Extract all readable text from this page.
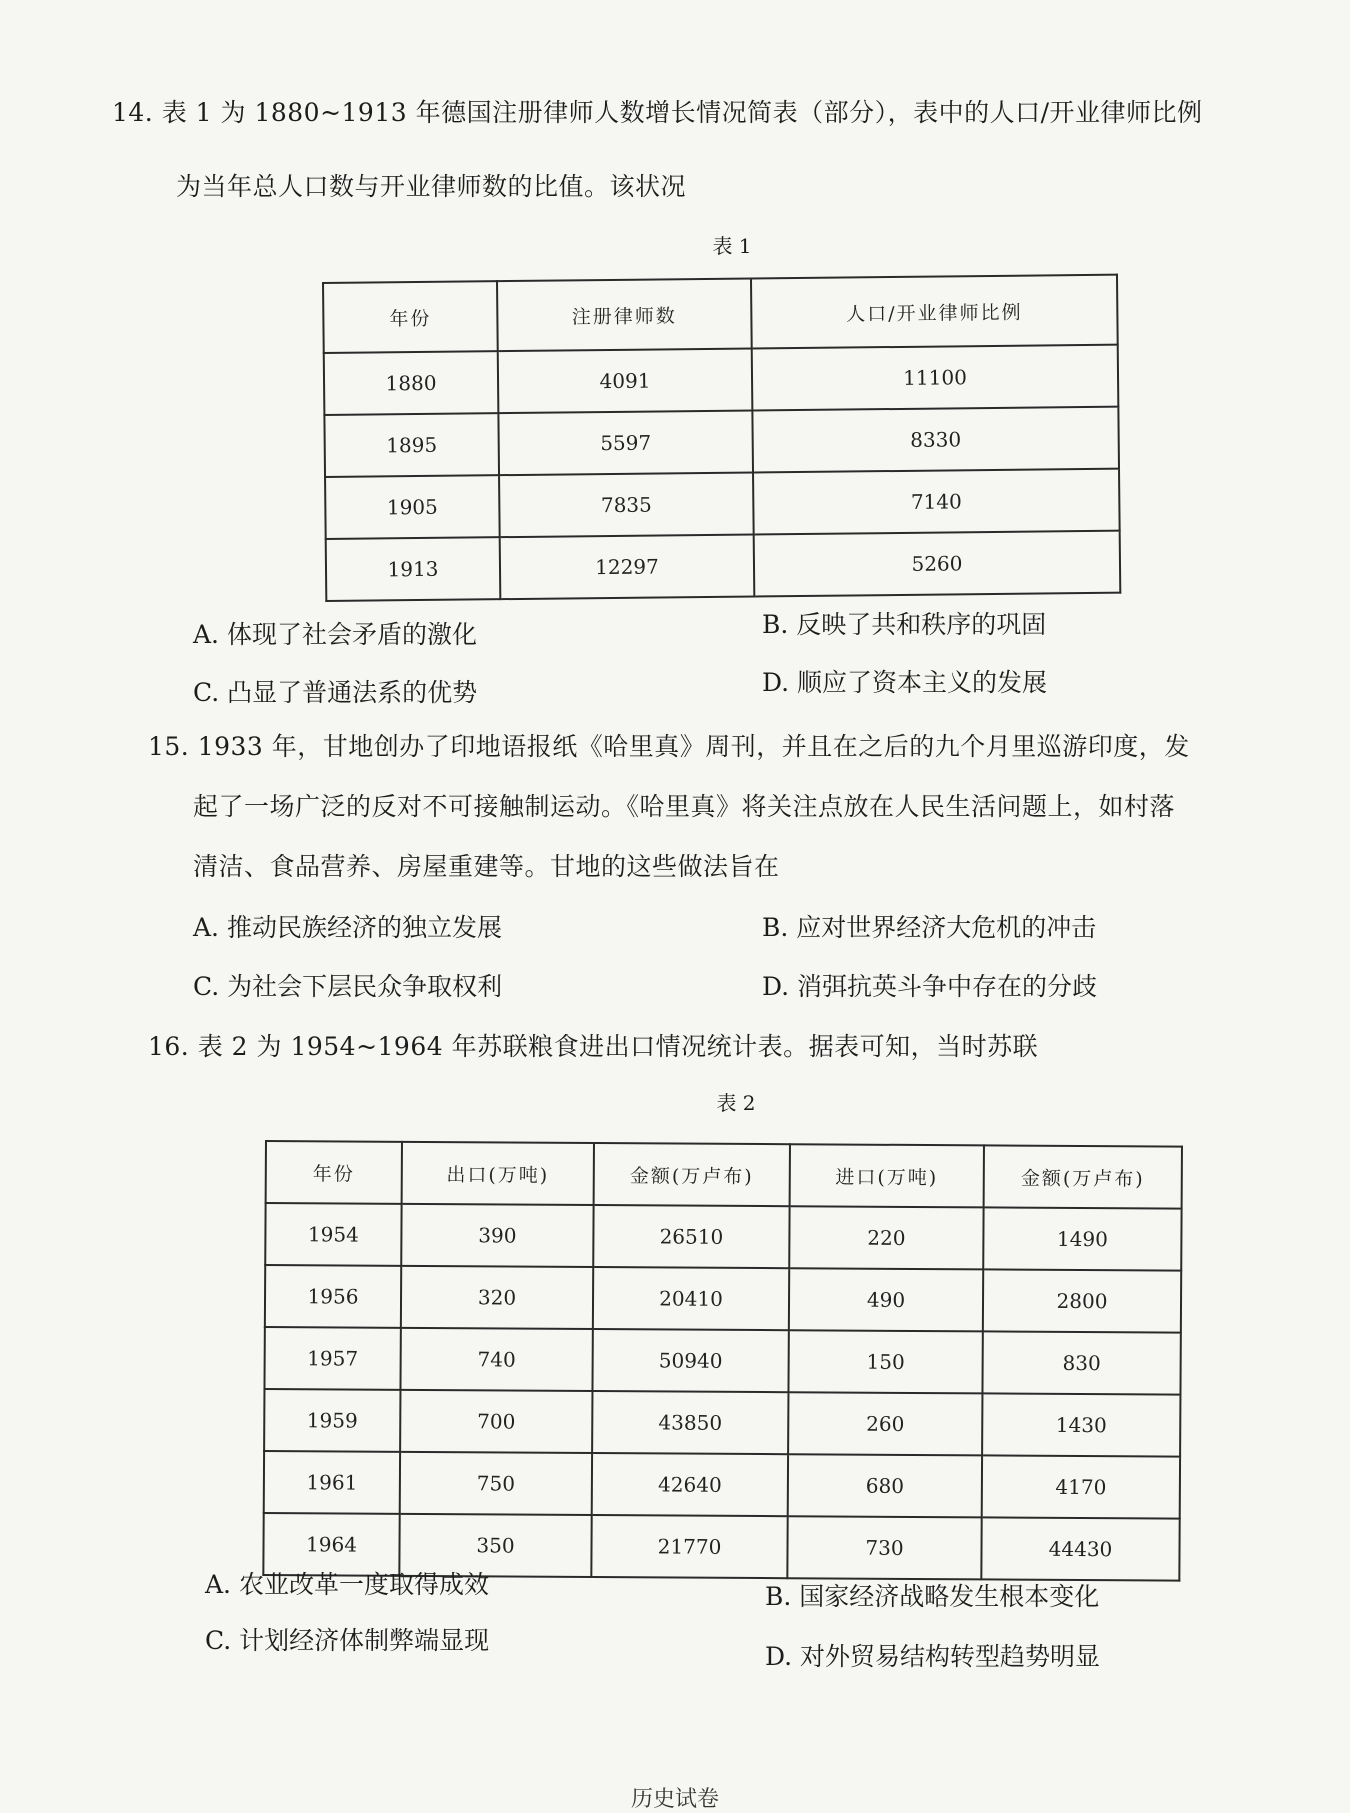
14. 表 1 为 1880~1913 年德国注册律师人数增长情况简表（部分），表中的人口/开业律师比例
为当年总人口数与开业律师数的比值。该状况
表 1
年份	注册律师数	人口/开业律师比例
1880	4091	11100
1895	5597	8330
1905	7835	7140
1913	12297	5260
A. 体现了社会矛盾的激化	B. 反映了共和秩序的巩固
C. 凸显了普通法系的优势	D. 顺应了资本主义的发展
15. 1933 年，甘地创办了印地语报纸《哈里真》周刊，并且在之后的九个月里巡游印度，发
起了一场广泛的反对不可接触制运动。《哈里真》将关注点放在人民生活问题上，如村落
清洁、食品营养、房屋重建等。甘地的这些做法旨在
A. 推动民族经济的独立发展	B. 应对世界经济大危机的冲击
C. 为社会下层民众争取权利	D. 消弭抗英斗争中存在的分歧
16. 表 2 为 1954~1964 年苏联粮食进出口情况统计表。据表可知，当时苏联
表 2
年份	出口(万吨)	金额(万卢布)	进口(万吨)	金额(万卢布)
1954	390	26510	220	1490
1956	320	20410	490	2800
1957	740	50940	150	830
1959	700	43850	260	1430
1961	750	42640	680	4170
1964	350	21770	730	44430
A. 农业改革一度取得成效	B. 国家经济战略发生根本变化
C. 计划经济体制弊端显现
D. 对外贸易结构转型趋势明显
历史试卷
